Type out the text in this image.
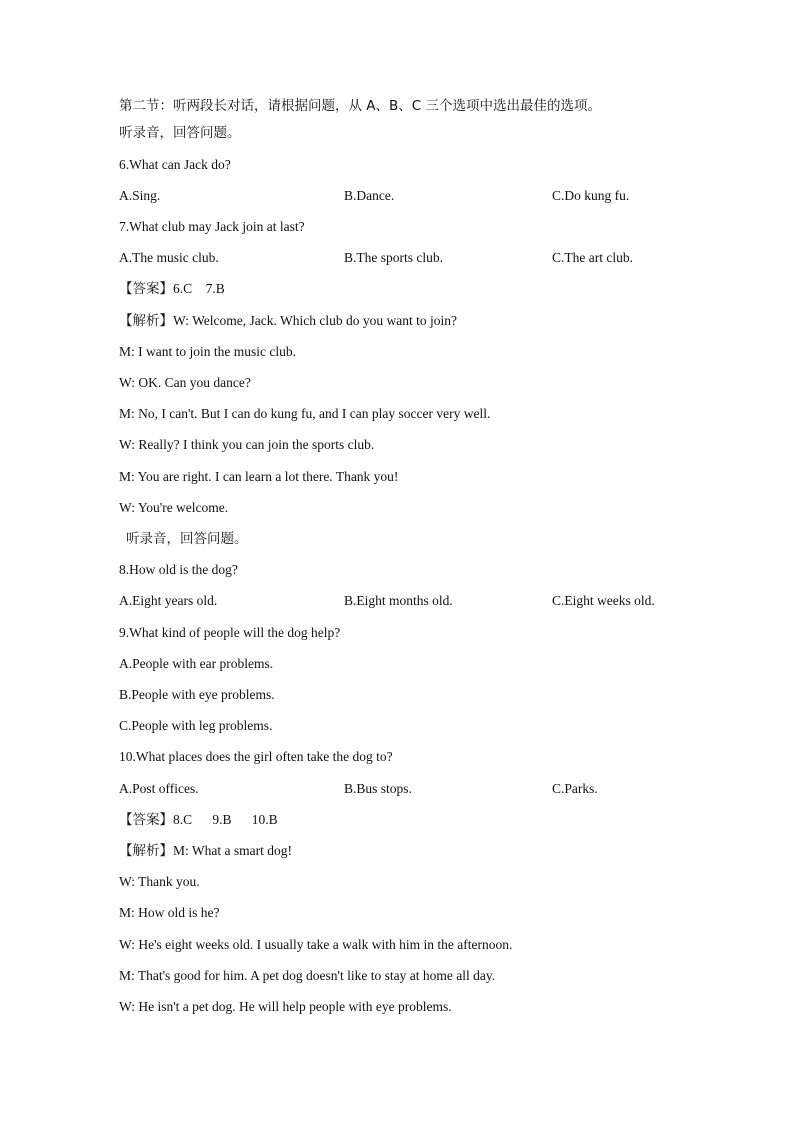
第二节：听两段长对话，请根据问题，从 A、B、C 三个选项中选出最佳的选项。
听录音，回答问题。
6.What can Jack do?
A.Sing.	B.Dance.	C.Do kung fu.
7.What club may Jack join at last?
A.The music club.	B.The sports club.	C.The art club.
【答案】6.C    7.B
【解析】W: Welcome, Jack. Which club do you want to join?
M: I want to join the music club.
W: OK. Can you dance?
M: No, I can't. But I can do kung fu, and I can play soccer very well.
W: Really? I think you can join the sports club.
M: You are right. I can learn a lot there. Thank you!
W: You're welcome.
听录音，回答问题。
8.How old is the dog?
A.Eight years old.	B.Eight months old.	C.Eight weeks old.
9.What kind of people will the dog help?
A.People with ear problems.
B.People with eye problems.
C.People with leg problems.
10.What places does the girl often take the dog to?
A.Post offices.	B.Bus stops.	C.Parks.
【答案】8.C      9.B      10.B
【解析】M: What a smart dog!
W: Thank you.
M: How old is he?
W: He's eight weeks old. I usually take a walk with him in the afternoon.
M: That's good for him. A pet dog doesn't like to stay at home all day.
W: He isn't a pet dog. He will help people with eye problems.
